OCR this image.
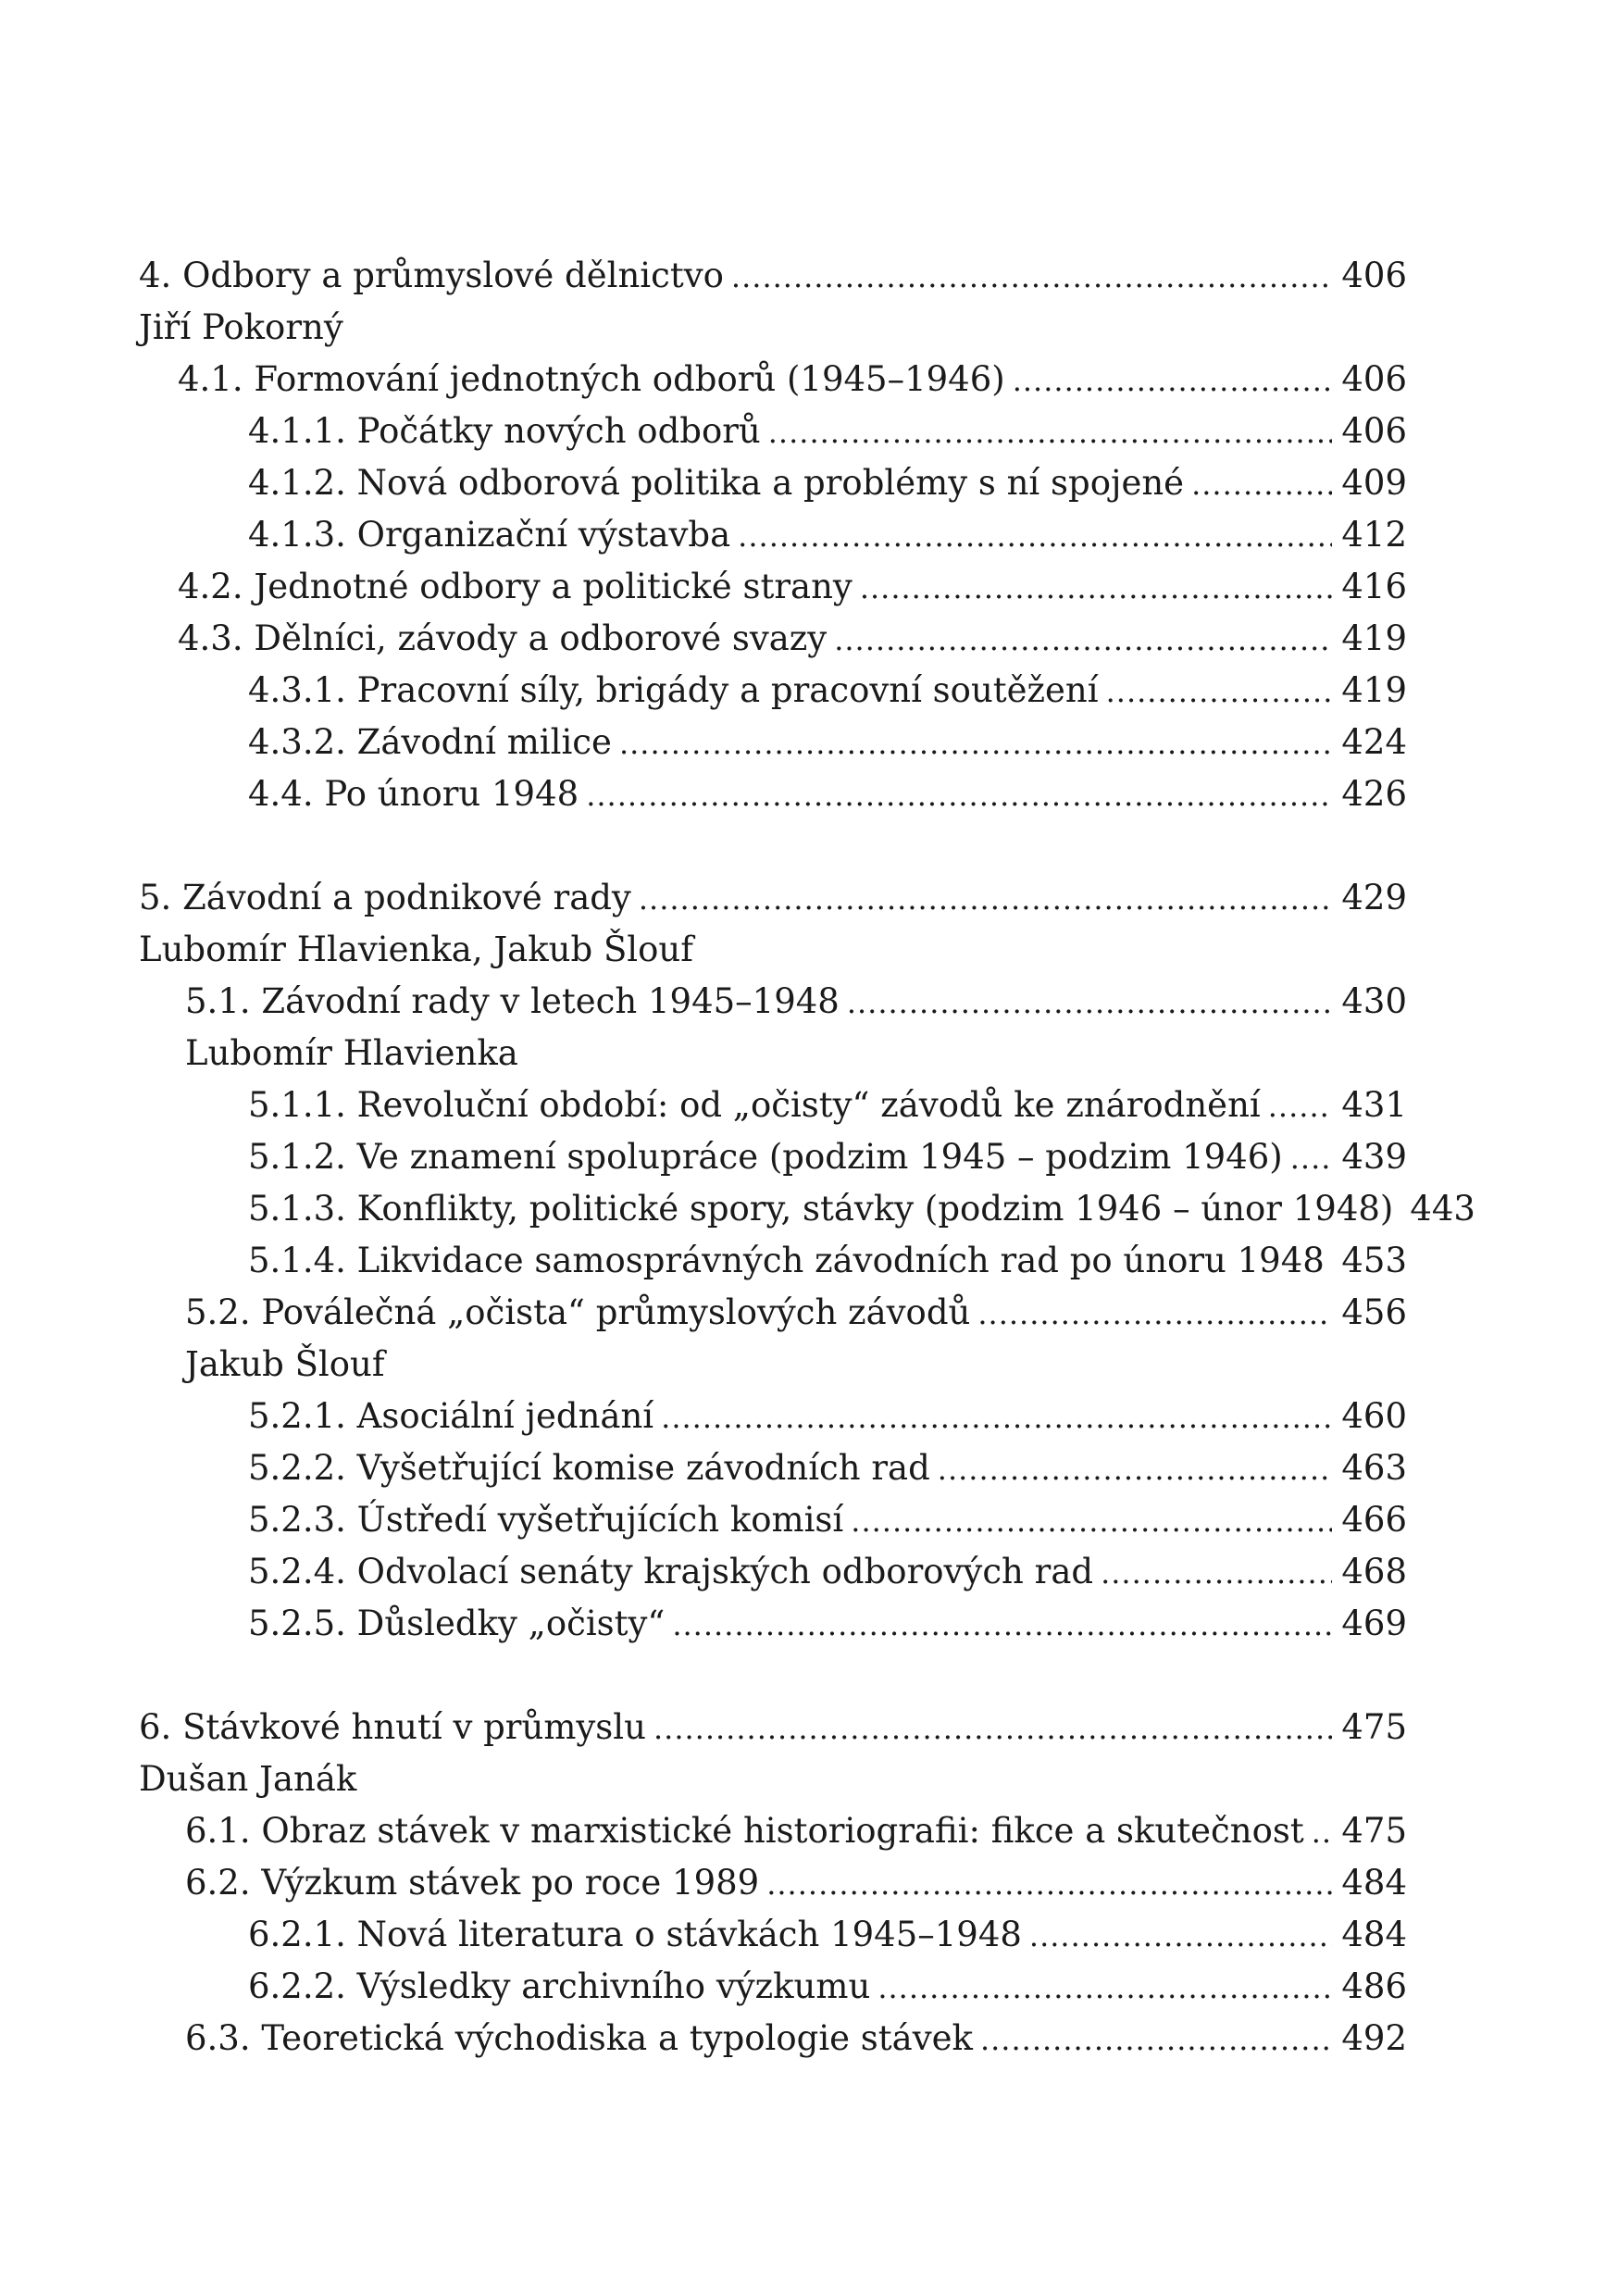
4. Odbory a průmyslové dělnictvo .....	406
Jiří Pokorný
4.1. Formování jednotných odborů (1945–1946) .....	406
4.1.1. Počátky nových odborů .....	406
4.1.2. Nová odborová politika a problémy s ní spojené .....	409
4.1.3. Organizační výstavba .....	412
4.2. Jednotné odbory a politické strany .....	416
4.3. Dělníci, závody a odborové svazy .....	419
4.3.1. Pracovní síly, brigády a pracovní soutěžení .....	419
4.3.2. Závodní milice .....	424
4.4. Po únoru 1948 .....	426
5. Závodní a podnikové rady .....	429
Lubomír Hlavienka, Jakub Šlouf
5.1. Závodní rady v letech 1945–1948 .....	430
Lubomír Hlavienka
5.1.1. Revoluční období: od „očisty“ závodů ke znárodnění ..... 431
5.1.2. Ve znamení spolupráce (podzim 1945 – podzim 1946) ..... 439
5.1.3. Konflikty, politické spory, stávky (podzim 1946 – únor 1948) 443
5.1.4. Likvidace samosprávných závodních rad po únoru 1948 ..... 453
5.2. Poválečná „očista“ průmyslových závodů .....	456
Jakub Šlouf
5.2.1. Asociální jednání .....	460
5.2.2. Vyšetřující komise závodních rad .....	463
5.2.3. Ústředí vyšetřujících komisí .....	466
5.2.4. Odvolací senáty krajských odborových rad .....	468
5.2.5. Důsledky „očisty“ .....	469
6. Stávkové hnutí v průmyslu .....	475
Dušan Janák
6.1. Obraz stávek v marxistické historiografii: fikce a skutečnost ..... 475
6.2. Výzkum stávek po roce 1989 .....	484
6.2.1. Nová literatura o stávkách 1945–1948 .....	484
6.2.2. Výsledky archivního výzkumu .....	486
6.3. Teoretická východiska a typologie stávek .....	492
